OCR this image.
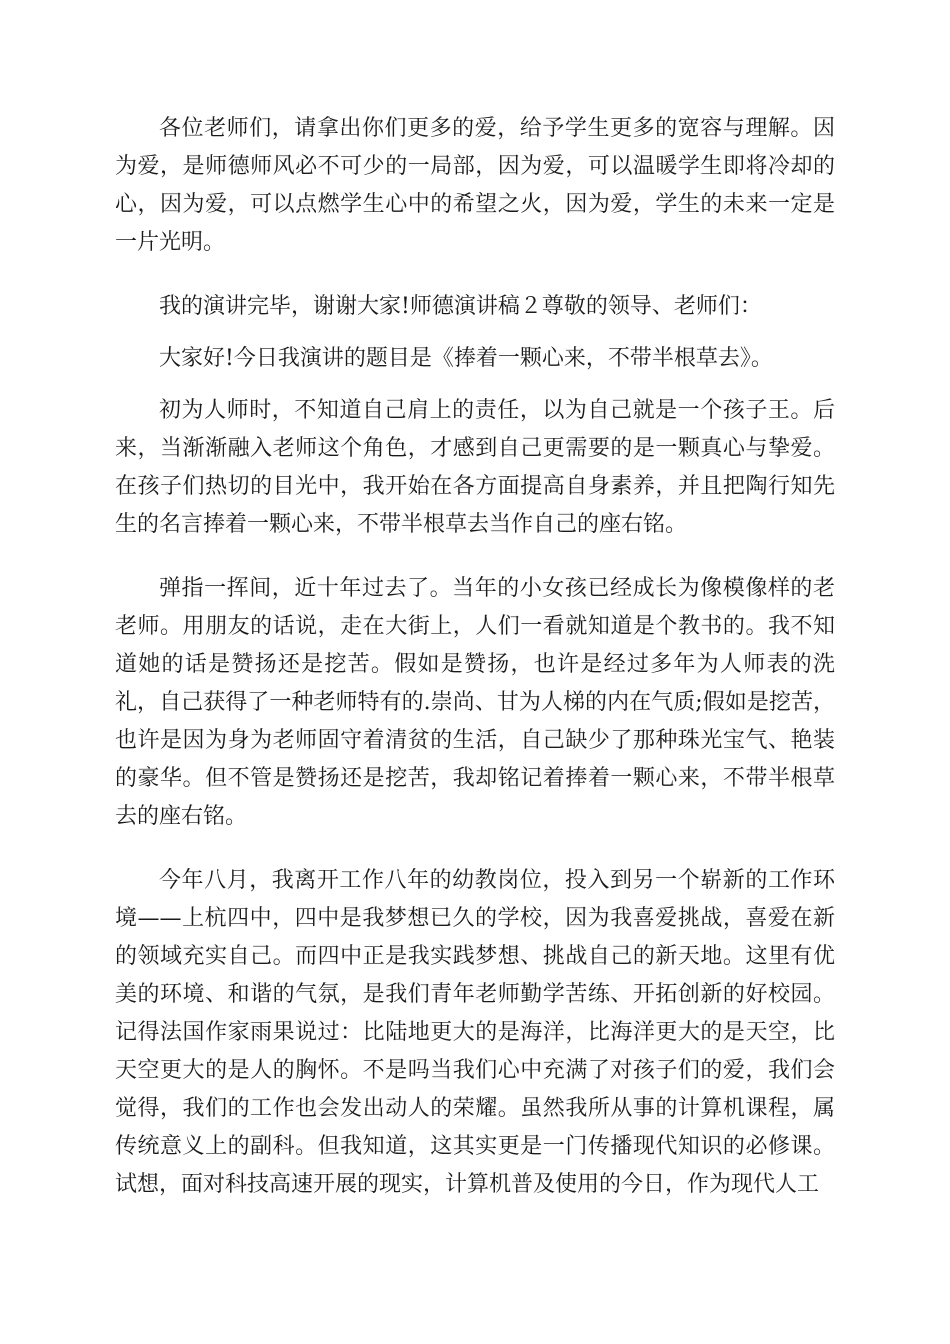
各位老师们，请拿出你们更多的爱，给予学生更多的宽容与理解。因为爱，是师德师风必不可少的一局部，因为爱，可以温暖学生即将冷却的心，因为爱，可以点燃学生心中的希望之火，因为爱，学生的未来一定是一片光明。

我的演讲完毕，谢谢大家!师德演讲稿２尊敬的领导、老师们：

大家好!今日我演讲的题目是《捧着一颗心来，不带半根草去》。

初为人师时，不知道自己肩上的责任，以为自己就是一个孩子王。后来，当渐渐融入老师这个角色，才感到自己更需要的是一颗真心与挚爱。在孩子们热切的目光中，我开始在各方面提高自身素养，并且把陶行知先生的名言捧着一颗心来，不带半根草去当作自己的座右铭。

弹指一挥间，近十年过去了。当年的小女孩已经成长为像模像样的老老师。用朋友的话说，走在大街上，人们一看就知道是个教书的。我不知道她的话是赞扬还是挖苦。假如是赞扬，也许是经过多年为人师表的洗礼，自己获得了一种老师特有的.崇尚、甘为人梯的内在气质;假如是挖苦，也许是因为身为老师固守着清贫的生活，自己缺少了那种珠光宝气、艳装的豪华。但不管是赞扬还是挖苦，我却铭记着捧着一颗心来，不带半根草去的座右铭。

今年八月，我离开工作八年的幼教岗位，投入到另一个崭新的工作环境——上杭四中，四中是我梦想已久的学校，因为我喜爱挑战，喜爱在新的领域充实自己。而四中正是我实践梦想、挑战自己的新天地。这里有优美的环境、和谐的气氛，是我们青年老师勤学苦练、开拓创新的好校园。记得法国作家雨果说过：比陆地更大的是海洋，比海洋更大的是天空，比天空更大的是人的胸怀。不是吗当我们心中充满了对孩子们的爱，我们会觉得，我们的工作也会发出动人的荣耀。虽然我所从事的计算机课程，属传统意义上的副科。但我知道，这其实更是一门传播现代知识的必修课。试想，面对科技高速开展的现实，计算机普及使用的今日，作为现代人工
